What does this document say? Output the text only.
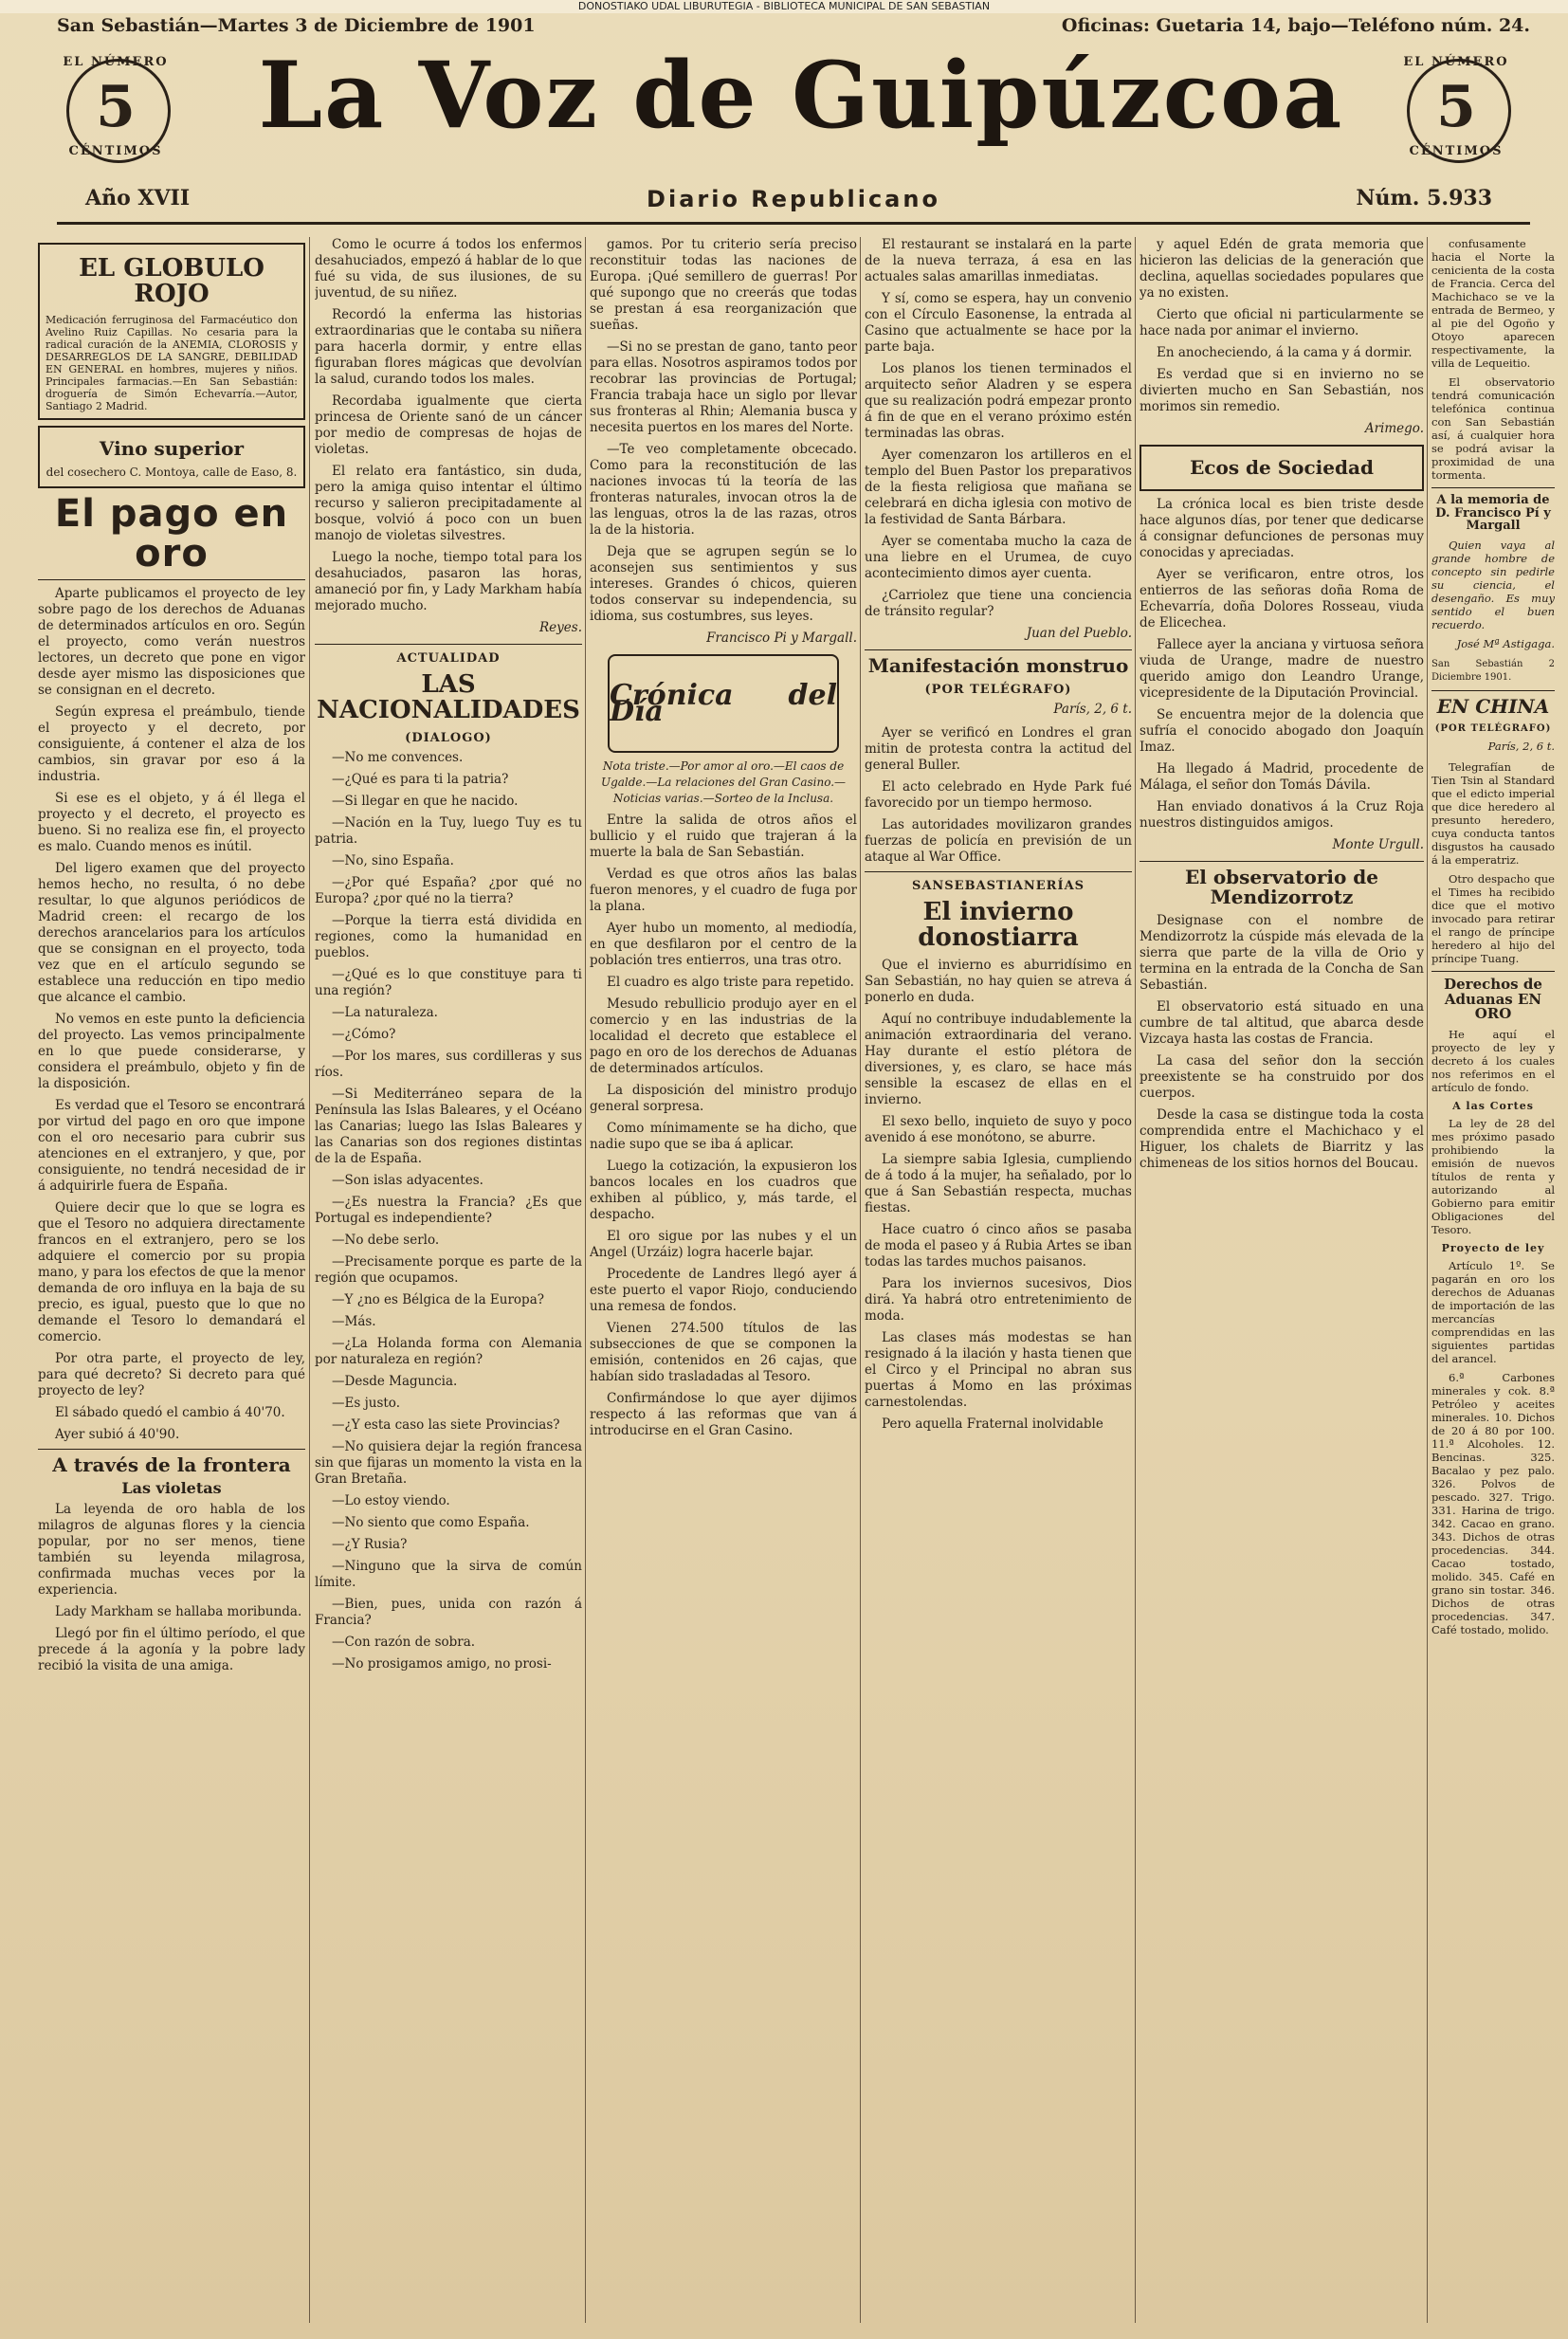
DONOSTIAKO UDAL LIBURUTEGIA - BIBLIOTECA MUNICIPAL DE SAN SEBASTIAN
San Sebastián—Martes 3 de Diciembre de 1901	Oficinas: Guetaria 14, bajo—Teléfono núm. 24.
EL NÚMERO
5
CÉNTIMOS
La Voz de Guipúzcoa	EL NÚMERO
5
CÉNTIMOS
Año XVII	Diario Republicano	Núm. 5.933
EL GLOBULO ROJO
Medicación ferruginosa del Farmacéutico don Avelino Ruiz Capillas. No cesaria para la radical curación de la ANEMIA, CLOROSIS y DESARREGLOS DE LA SANGRE, DEBILIDAD EN GENERAL en hombres, mujeres y niños. Principales farmacias.—En San Sebastián: droguería de Simón Echevarría.—Autor, Santiago 2 Madrid.
Vino superior
del cosechero C. Montoya, calle de Easo, 8.
El pago en oro

Aparte publicamos el proyecto de ley sobre pago de los derechos de Aduanas de determinados artículos en oro. Según el proyecto, como verán nuestros lectores, un decreto que pone en vigor desde ayer mismo las disposiciones que se consignan en el decreto.

Según expresa el preámbulo, tiende el proyecto y el decreto, por consiguiente, á contener el alza de los cambios, sin gravar por eso á la industria.

Si ese es el objeto, y á él llega el proyecto y el decreto, el proyecto es bueno. Si no realiza ese fin, el proyecto es malo. Cuando menos es inútil.

Del ligero examen que del proyecto hemos hecho, no resulta, ó no debe resultar, lo que algunos periódicos de Madrid creen: el recargo de los derechos arancelarios para los artículos que se consignan en el proyecto, toda vez que en el artículo segundo se establece una reducción en tipo medio que alcance el cambio.

No vemos en este punto la deficiencia del proyecto. Las vemos principalmente en lo que puede considerarse, y considera el preámbulo, objeto y fin de la disposición.

Es verdad que el Tesoro se encontrará por virtud del pago en oro que impone con el oro necesario para cubrir sus atenciones en el extranjero, y que, por consiguiente, no tendrá necesidad de ir á adquirirle fuera de España.

Quiere decir que lo que se logra es que el Tesoro no adquiera directamente francos en el extranjero, pero se los adquiere el comercio por su propia mano, y para los efectos de que la menor demanda de oro influya en la baja de su precio, es igual, puesto que lo que no demande el Tesoro lo demandará el comercio.

Por otra parte, el proyecto de ley, para qué decreto? Si decreto para qué proyecto de ley?

El sábado quedó el cambio á 40'70.

Ayer subió á 40'90.

A través de la frontera
Las violetas

La leyenda de oro habla de los milagros de algunas flores y la ciencia popular, por no ser menos, tiene también su leyenda milagrosa, confirmada muchas veces por la experiencia.

Lady Markham se hallaba moribunda.

Llegó por fin el último período, el que precede á la agonía y la pobre lady recibió la visita de una amiga.

Como le ocurre á todos los enfermos desahuciados, empezó á hablar de lo que fué su vida, de sus ilusiones, de su juventud, de su niñez.

Recordó la enferma las historias extraordinarias que le contaba su niñera para hacerla dormir, y entre ellas figuraban flores mágicas que devolvían la salud, curando todos los males.

Recordaba igualmente que cierta princesa de Oriente sanó de un cáncer por medio de compresas de hojas de violetas.

El relato era fantástico, sin duda, pero la amiga quiso intentar el último recurso y salieron precipitadamente al bosque, volvió á poco con un buen manojo de violetas silvestres.

Luego la noche, tiempo total para los desahuciados, pasaron las horas, amaneció por fin, y Lady Markham había mejorado mucho.

Reyes.
ACTUALIDAD
LAS NACIONALIDADES
(DIALOGO)

—No me convences.

—¿Qué es para ti la patria?

—Si llegar en que he nacido.

—Nación en la Tuy, luego Tuy es tu patria.

—No, sino España.

—¿Por qué España? ¿por qué no Europa? ¿por qué no la tierra?

—Porque la tierra está dividida en regiones, como la humanidad en pueblos.

—¿Qué es lo que constituye para ti una región?

—La naturaleza.

—¿Cómo?

—Por los mares, sus cordilleras y sus ríos.

—Si Mediterráneo separa de la Península las Islas Baleares, y el Océano las Canarias; luego las Islas Baleares y las Canarias son dos regiones distintas de la de España.

—Son islas adyacentes.

—¿Es nuestra la Francia? ¿Es que Portugal es independiente?

—No debe serlo.

—Precisamente porque es parte de la región que ocupamos.

—Y ¿no es Bélgica de la Europa?

—Más.

—¿La Holanda forma con Alemania por naturaleza en región?

—Desde Maguncia.

—Es justo.

—¿Y esta caso las siete Provincias?

—No quisiera dejar la región francesa sin que fijaras un momento la vista en la Gran Bretaña.

—Lo estoy viendo.

—No siento que como España.

—¿Y Rusia?

—Ninguno que la sirva de común límite.

—Bien, pues, unida con razón á Francia?

—Con razón de sobra.

—No prosigamos amigo, no prosi-

gamos. Por tu criterio sería preciso reconstituir todas las naciones de Europa. ¡Qué semillero de guerras! Por qué supongo que no creerás que todas se prestan á esa reorganización que sueñas.

—Si no se prestan de gano, tanto peor para ellas. Nosotros aspiramos todos por recobrar las provincias de Portugal; Francia trabaja hace un siglo por llevar sus fronteras al Rhin; Alemania busca y necesita puertos en los mares del Norte.

—Te veo completamente obcecado. Como para la reconstitución de las naciones invocas tú la teoría de las fronteras naturales, invocan otros la de las lenguas, otros la de las razas, otros la de la historia.

Deja que se agrupen según se lo aconsejen sus sentimientos y sus intereses. Grandes ó chicos, quieren todos conservar su independencia, su idioma, sus costumbres, sus leyes.

Francisco Pi y Margall.
Crónica del Día
Nota triste.—Por amor al oro.—El caos de Ugalde.—La relaciones del Gran Casino.—Noticias varias.—Sorteo de la Inclusa.

Entre la salida de otros años el bullicio y el ruido que trajeran á la muerte la bala de San Sebastián.

Verdad es que otros años las balas fueron menores, y el cuadro de fuga por la plana.

Ayer hubo un momento, al mediodía, en que desfilaron por el centro de la población tres entierros, una tras otro.

El cuadro es algo triste para repetido.

Mesudo rebullicio produjo ayer en el comercio y en las industrias de la localidad el decreto que establece el pago en oro de los derechos de Aduanas de determinados artículos.

La disposición del ministro produjo general sorpresa.

Como mínimamente se ha dicho, que nadie supo que se iba á aplicar.

Luego la cotización, la expusieron los bancos locales en los cuadros que exhiben al público, y, más tarde, el despacho.

El oro sigue por las nubes y el un Angel (Urzáiz) logra hacerle bajar.

Procedente de Landres llegó ayer á este puerto el vapor Riojo, conduciendo una remesa de fondos.

Vienen 274.500 títulos de las subsecciones de que se componen la emisión, contenidos en 26 cajas, que habían sido trasladadas al Tesoro.

Confirmándose lo que ayer dijimos respecto á las reformas que van á introducirse en el Gran Casino.

El restaurant se instalará en la parte de la nueva terraza, á esa en las actuales salas amarillas inmediatas.

Y sí, como se espera, hay un convenio con el Círculo Easonense, la entrada al Casino que actualmente se hace por la parte baja.

Los planos los tienen terminados el arquitecto señor Aladren y se espera que su realización podrá empezar pronto á fin de que en el verano próximo estén terminadas las obras.

Ayer comenzaron los artilleros en el templo del Buen Pastor los preparativos de la fiesta religiosa que mañana se celebrará en dicha iglesia con motivo de la festividad de Santa Bárbara.

Ayer se comentaba mucho la caza de una liebre en el Urumea, de cuyo acontecimiento dimos ayer cuenta.

¿Carriolez que tiene una conciencia de tránsito regular?

Juan del Pueblo.
Manifestación monstruo
(POR TELÉGRAFO)
París, 2, 6 t.

Ayer se verificó en Londres el gran mitin de protesta contra la actitud del general Buller.

El acto celebrado en Hyde Park fué favorecido por un tiempo hermoso.

Las autoridades movilizaron grandes fuerzas de policía en previsión de un ataque al War Office.

SANSEBASTIANERÍAS
El invierno donostiarra

Que el invierno es aburridísimo en San Sebastián, no hay quien se atreva á ponerlo en duda.

Aquí no contribuye indudablemente la animación extraordinaria del verano. Hay durante el estío plétora de diversiones, y, es claro, se hace más sensible la escasez de ellas en el invierno.

El sexo bello, inquieto de suyo y poco avenido á ese monótono, se aburre.

La siempre sabia Iglesia, cumpliendo de á todo á la mujer, ha señalado, por lo que á San Sebastián respecta, muchas fiestas.

Hace cuatro ó cinco años se pasaba de moda el paseo y á Rubia Artes se iban todas las tardes muchos paisanos.

Para los inviernos sucesivos, Dios dirá. Ya habrá otro entretenimiento de moda.

Las clases más modestas se han resignado á la ilación y hasta tienen que el Circo y el Principal no abran sus puertas á Momo en las próximas carnestolendas.

Pero aquella Fraternal inolvidable

y aquel Edén de grata memoria que hicieron las delicias de la generación que declina, aquellas sociedades populares que ya no existen.

Cierto que oficial ni particularmente se hace nada por animar el invierno.

En anocheciendo, á la cama y á dormir.

Es verdad que si en invierno no se divierten mucho en San Sebastián, nos morimos sin remedio.

Arimego.
Ecos de Sociedad

La crónica local es bien triste desde hace algunos días, por tener que dedicarse á consignar defunciones de personas muy conocidas y apreciadas.

Ayer se verificaron, entre otros, los entierros de las señoras doña Roma de Echevarría, doña Dolores Rosseau, viuda de Elicechea.

Fallece ayer la anciana y virtuosa señora viuda de Urange, madre de nuestro querido amigo don Leandro Urange, vicepresidente de la Diputación Provincial.

Se encuentra mejor de la dolencia que sufría el conocido abogado don Joaquín Imaz.

Ha llegado á Madrid, procedente de Málaga, el señor don Tomás Dávila.

Han enviado donativos á la Cruz Roja nuestros distinguidos amigos.

Monte Urgull.
El observatorio de Mendizorrotz

Designase con el nombre de Mendizorrotz la cúspide más elevada de la sierra que parte de la villa de Orio y termina en la entrada de la Concha de San Sebastián.

El observatorio está situado en una cumbre de tal altitud, que abarca desde Vizcaya hasta las costas de Francia.

La casa del señor don la sección preexistente se ha construido por dos cuerpos.

Desde la casa se distingue toda la costa comprendida entre el Machichaco y el Higuer, los chalets de Biarritz y las chimeneas de los sitios hornos del Boucau.

confusamente hacia el Norte la cenicienta de la costa de Francia. Cerca del Machichaco se ve la entrada de Bermeo, y al pie del Ogoño y Otoyo aparecen respectivamente, la villa de Lequeitio.

El observatorio tendrá comunicación telefónica continua con San Sebastián así, á cualquier hora se podrá avisar la proximidad de una tormenta.

A la memoria de D. Francisco Pí y Margall

Quien vaya al grande hombre de concepto sin pedirle su ciencia, el desengaño. Es muy sentido el buen recuerdo.

José Mª Astigaga.
San Sebastián 2 Diciembre 1901.
EN CHINA
(POR TELÉGRAFO)
París, 2, 6 t.

Telegrafían de Tien Tsin al Standard que el edicto imperial que dice heredero al presunto heredero, cuya conducta tantos disgustos ha causado á la emperatriz.

Otro despacho que el Times ha recibido dice que el motivo invocado para retirar el rango de príncipe heredero al hijo del príncipe Tuang.

Derechos de Aduanas EN ORO

He aquí el proyecto de ley y decreto á los cuales nos referimos en el artículo de fondo.

A las Cortes

La ley de 28 del mes próximo pasado prohibiendo la emisión de nuevos títulos de renta y autorizando al Gobierno para emitir Obligaciones del Tesoro.

Proyecto de ley

Artículo 1º. Se pagarán en oro los derechos de Aduanas de importación de las mercancías comprendidas en las siguientes partidas del arancel.

6.ª Carbones minerales y cok. 8.ª Petróleo y aceites minerales. 10. Dichos de 20 á 80 por 100. 11.ª Alcoholes. 12. Bencinas. 325. Bacalao y pez palo. 326. Polvos de pescado. 327. Trigo. 331. Harina de trigo. 342. Cacao en grano. 343. Dichos de otras procedencias. 344. Cacao tostado, molido. 345. Café en grano sin tostar. 346. Dichos de otras procedencias. 347. Café tostado, molido.
